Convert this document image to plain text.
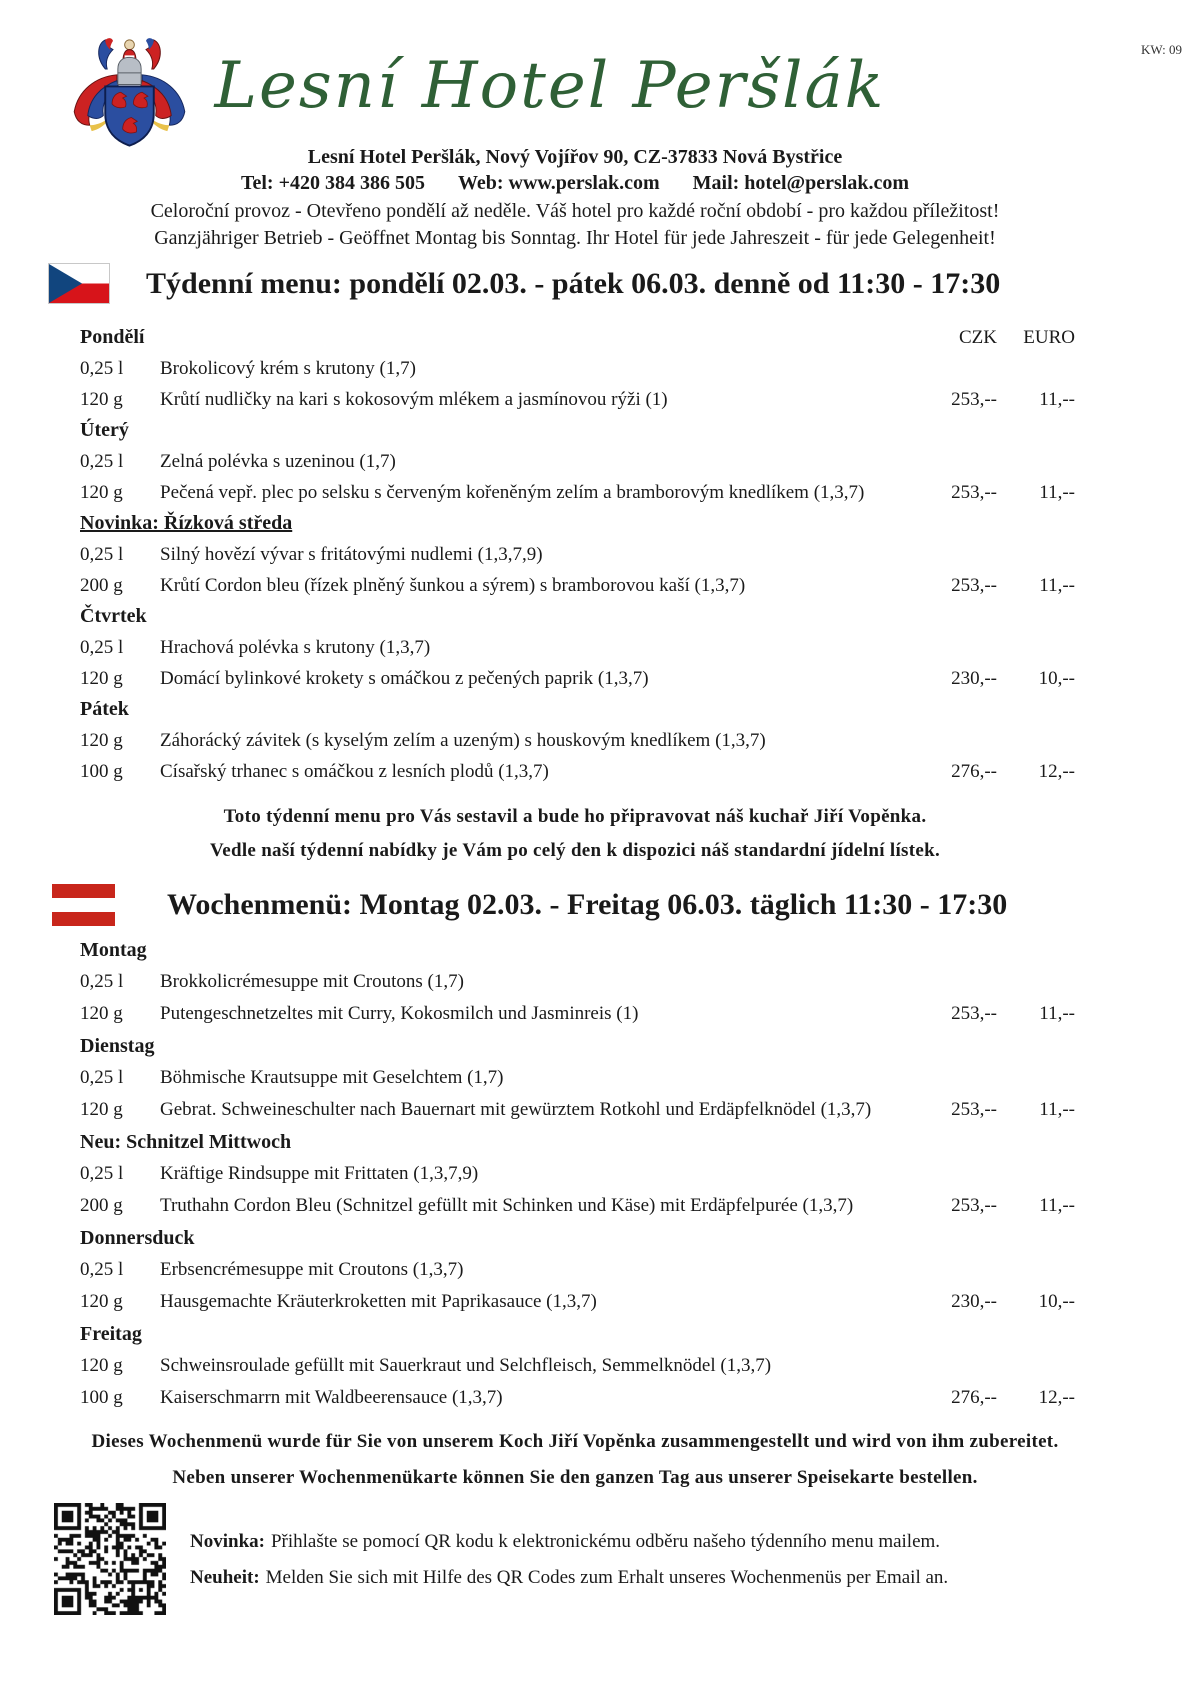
KW: 09
Lesní Hotel Peršlák
Lesní Hotel Peršlák, Nový Vojířov 90, CZ-37833 Nová Bystřice
Tel: +420 384 386 505 Web: www.perslak.com Mail: hotel@perslak.com
Celoroční provoz - Otevřeno pondělí až neděle. Váš hotel pro každé roční období - pro každou příležitost!
Ganzjähriger Betrieb - Geöffnet Montag bis Sonntag. Ihr Hotel für jede Jahreszeit - für jede Gelegenheit!
Týdenní menu: pondělí 02.03. - pátek 06.03. denně od 11:30 - 17:30
Pondělí	CZK	EURO
0,25 l	Brokolicový krém s krutony (1,7)
120 g	Krůtí nudličky na kari s kokosovým mlékem a jasmínovou rýži (1)	253,--	11,--
Úterý
0,25 l	Zelná polévka s uzeninou (1,7)
120 g	Pečená vepř. plec po selsku s červeným kořeněným zelím a bramborovým knedlíkem (1,3,7)	253,--	11,--
Novinka: Řízková středa
0,25 l	Silný hovězí vývar s fritátovými nudlemi (1,3,7,9)
200 g	Krůtí Cordon bleu (řízek plněný šunkou a sýrem) s bramborovou kaší (1,3,7)	253,--	11,--
Čtvrtek
0,25 l	Hrachová polévka s krutony (1,3,7)
120 g	Domácí bylinkové krokety s omáčkou z pečených paprik (1,3,7)	230,--	10,--
Pátek
120 g	Záhorácký závitek (s kyselým zelím a uzeným) s houskovým knedlíkem (1,3,7)
100 g	Císařský trhanec s omáčkou z lesních plodů (1,3,7)	276,--	12,--
Toto týdenní menu pro Vás sestavil a bude ho připravovat náš kuchař Jiří Vopěnka.
Vedle naší týdenní nabídky je Vám po celý den k dispozici náš standardní jídelní lístek.
Wochenmenü: Montag 02.03. - Freitag 06.03. täglich 11:30 - 17:30
Montag
0,25 l	Brokkolicrémesuppe mit Croutons (1,7)
120 g	Putengeschnetzeltes mit Curry, Kokosmilch und Jasminreis (1)	253,--	11,--
Dienstag
0,25 l	Böhmische Krautsuppe mit Geselchtem (1,7)
120 g	Gebrat. Schweineschulter nach Bauernart mit gewürztem Rotkohl und Erdäpfelknödel (1,3,7)	253,--	11,--
Neu: Schnitzel Mittwoch
0,25 l	Kräftige Rindsuppe mit Frittaten (1,3,7,9)
200 g	Truthahn Cordon Bleu (Schnitzel gefüllt mit Schinken und Käse) mit Erdäpfelpurée (1,3,7)	253,--	11,--
Donnersduck
0,25 l	Erbsencrémesuppe mit Croutons (1,3,7)
120 g	Hausgemachte Kräuterkroketten mit Paprikasauce (1,3,7)	230,--	10,--
Freitag
120 g	Schweinsroulade gefüllt mit Sauerkraut und Selchfleisch, Semmelknödel (1,3,7)
100 g	Kaiserschmarrn mit Waldbeerensauce (1,3,7)	276,--	12,--
Dieses Wochenmenü wurde für Sie von unserem Koch Jiří Vopěnka zusammengestellt und wird von ihm zubereitet.
Neben unserer Wochenmenükarte können Sie den ganzen Tag aus unserer Speisekarte bestellen.
Novinka: Přihlašte se pomocí QR kodu k elektronickému odběru našeho týdenního menu mailem.
Neuheit: Melden Sie sich mit Hilfe des QR Codes zum Erhalt unseres Wochenmenüs per Email an.
